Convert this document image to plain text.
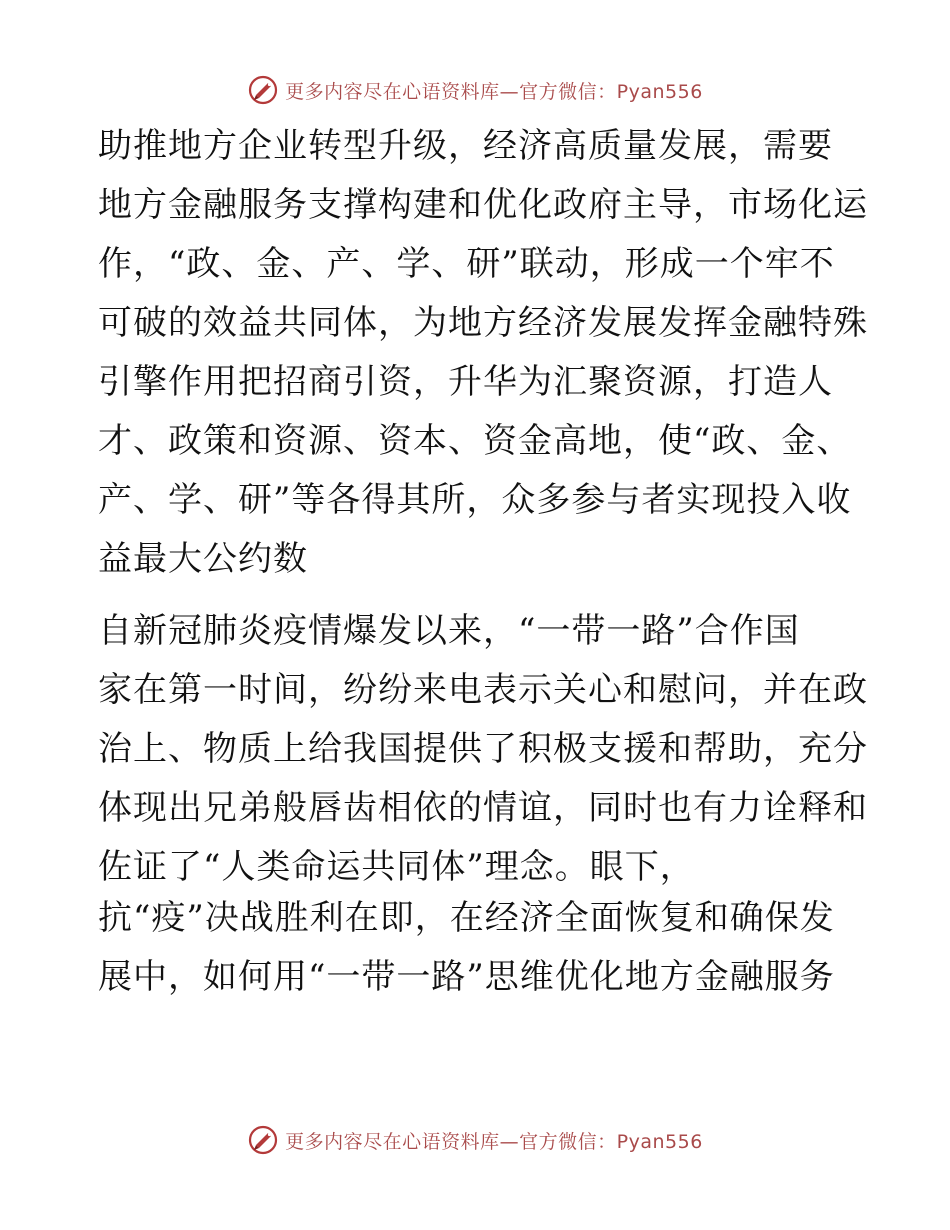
更多内容尽在心语资料库—官方微信：Pyan556
助推地方企业转型升级，经济高质量发展，需要
地方金融服务支撑构建和优化政府主导，市场化运
作，“政、金、产、学、研”联动，形成一个牢不
可破的效益共同体，为地方经济发展发挥金融特殊
引擎作用把招商引资，升华为汇聚资源，打造人
才、政策和资源、资本、资金高地，使“政、金、
产、学、研”等各得其所，众多参与者实现投入收
益最大公约数
自新冠肺炎疫情爆发以来，“一带一路”合作国
家在第一时间，纷纷来电表示关心和慰问，并在政
治上、物质上给我国提供了积极支援和帮助，充分
体现出兄弟般唇齿相依的情谊，同时也有力诠释和
佐证了“人类命运共同体”理念。眼下，
抗“疫”决战胜利在即，在经济全面恢复和确保发
展中，如何用“一带一路”思维优化地方金融服务
更多内容尽在心语资料库—官方微信：Pyan556
